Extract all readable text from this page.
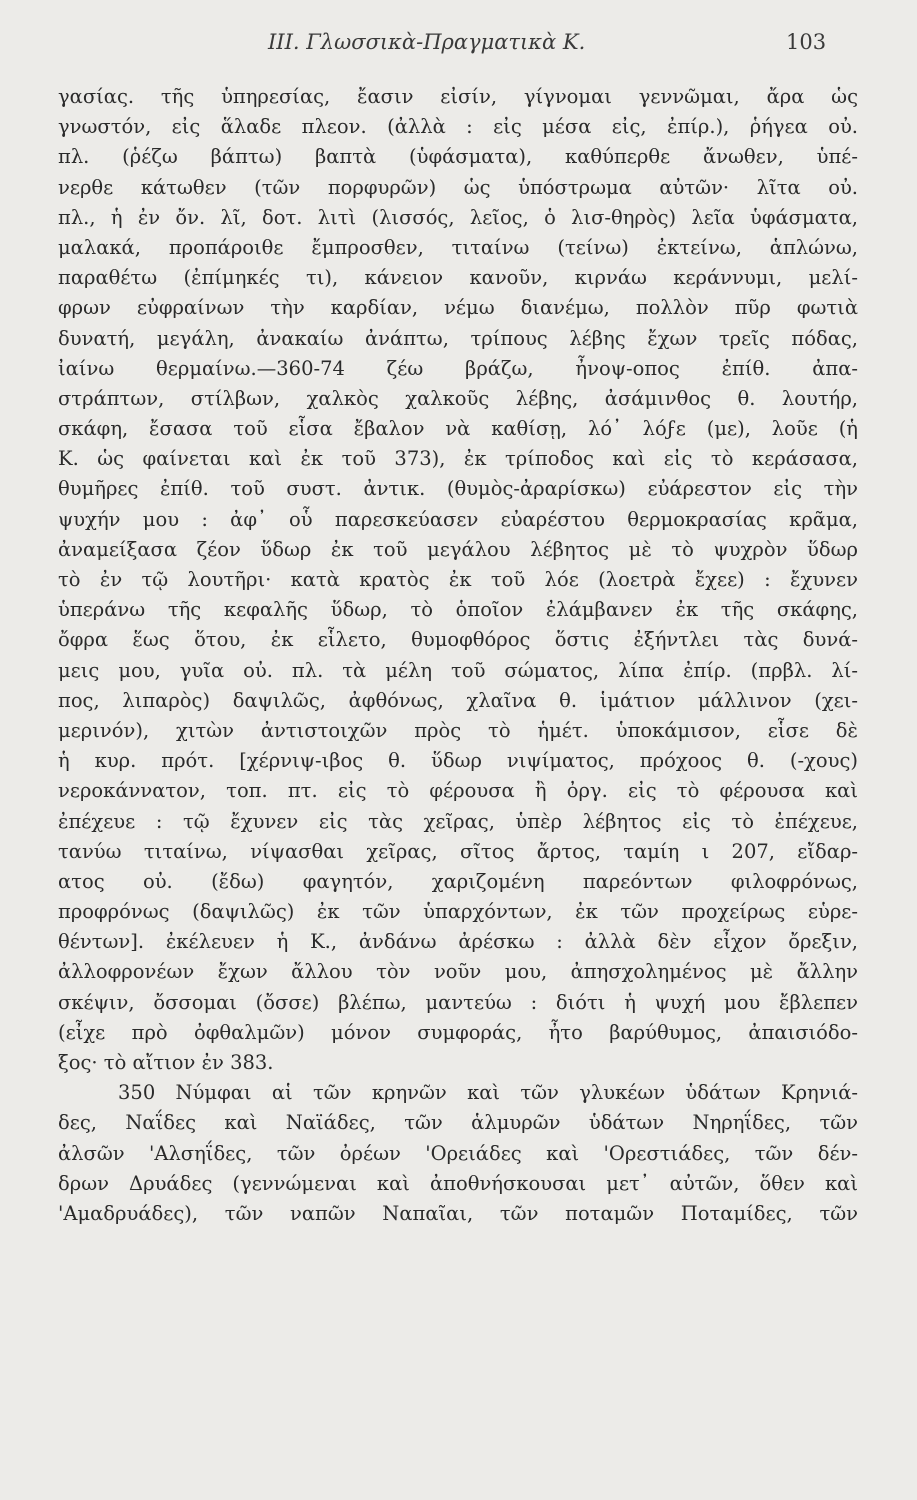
III. Γλωσσικὰ-Πραγματικὰ Κ.	103
γασίας. τῆς ὑπηρεσίας, ἔασιν εἰσίν, γίγνομαι γεννῶμαι, ἄρα ὡς
γνωστόν, εἰς ἅλαδε πλεον. (ἀλλὰ : εἰς μέσα εἰς, ἐπίρ.), ῥήγεα οὐ.
πλ. (ῥέζω βάπτω) βαπτὰ (ὑφάσματα), καθύπερθε ἄνωθεν, ὑπέ-
νερθε κάτωθεν (τῶν πορφυρῶν) ὡς ὑπόστρωμα αὐτῶν· λῖτα οὐ.
πλ., ἡ ἐν ὄν. λῖ, δοτ. λιτὶ (λισσός, λεῖος, ὁ λισ-θηρὸς) λεῖα ὑφάσματα,
μαλακά, προπάροιθε ἔμπροσθεν, τιταίνω (τείνω) ἐκτείνω, ἁπλώνω,
παραθέτω (ἐπίμηκές τι), κάνειον κανοῦν, κιρνάω κεράννυμι, μελί-
φρων εὐφραίνων τὴν καρδίαν, νέμω διανέμω, πολλὸν πῦρ φωτιὰ
δυνατή, μεγάλη, ἀνακαίω ἀνάπτω, τρίπους λέβης ἔχων τρεῖς πόδας,
ἰαίνω θερμαίνω.—360-74 ζέω βράζω, ἦνοψ-οπος ἐπίθ. ἀπα-
στράπτων, στίλβων, χαλκὸς χαλκοῦς λέβης, ἀσάμινθος θ. λουτήρ,
σκάφη, ἔσασα τοῦ εἷσα ἔβαλον νὰ καθίσῃ, λό᾽ λόϝε (με), λοῦε (ἡ
Κ. ὡς φαίνεται καὶ ἐκ τοῦ 373), ἐκ τρίποδος καὶ εἰς τὸ κεράσασα,
θυμῆρες ἐπίθ. τοῦ συστ. ἀντικ. (θυμὸς-ἀραρίσκω) εὐάρεστον εἰς τὴν
ψυχήν μου : ἀφ᾽ οὗ παρεσκεύασεν εὐαρέστου θερμοκρασίας κρᾶμα,
ἀναμείξασα ζέον ὕδωρ ἐκ τοῦ μεγάλου λέβητος μὲ τὸ ψυχρὸν ὕδωρ
τὸ ἐν τῷ λουτῆρι· κατὰ κρατὸς ἐκ τοῦ λόε (λοετρὰ ἔχεε) : ἔχυνεν
ὑπεράνω τῆς κεφαλῆς ὕδωρ, τὸ ὁποῖον ἐλάμβανεν ἐκ τῆς σκάφης,
ὄφρα ἕως ὅτου, ἐκ εἷλετο, θυμοφθόρος ὅστις ἐξήντλει τὰς δυνά-
μεις μου, γυῖα οὐ. πλ. τὰ μέλη τοῦ σώματος, λίπα ἐπίρ. (πρβλ. λί-
πος, λιπαρὸς) δαψιλῶς, ἀφθόνως, χλαῖνα θ. ἱμάτιον μάλλινον (χει-
μερινόν), χιτὼν ἀντιστοιχῶν πρὸς τὸ ἡμέτ. ὑποκάμισον, εἷσε δὲ
ἡ κυρ. πρότ. [χέρνιψ-ιβος θ. ὕδωρ νιψίματος, πρόχοος θ. (-χους)
νεροκάννατον, τοπ. πτ. εἰς τὸ φέρουσα ἢ ὀργ. εἰς τὸ φέρουσα καὶ
ἐπέχευε : τῷ ἔχυνεν εἰς τὰς χεῖρας, ὑπὲρ λέβητος εἰς τὸ ἐπέχευε,
τανύω τιταίνω, νίψασθαι χεῖρας, σῖτος ἄρτος, ταμίη ι 207, εἴδαρ-
ατος οὐ. (ἔδω) φαγητόν, χαριζομένη παρεόντων φιλοφρόνως,
προφρόνως (δαψιλῶς) ἐκ τῶν ὑπαρχόντων, ἐκ τῶν προχείρως εὑρε-
θέντων]. ἐκέλευεν ἡ Κ., ἀνδάνω ἀρέσκω : ἀλλὰ δὲν εἶχον ὄρεξιν,
ἀλλοφρονέων ἔχων ἄλλου τὸν νοῦν μου, ἀπησχολημένος μὲ ἄλλην
σκέψιν, ὄσσομαι (ὄσσε) βλέπω, μαντεύω : διότι ἡ ψυχή μου ἔβλεπεν
(εἶχε πρὸ ὀφθαλμῶν) μόνον συμφοράς, ἦτο βαρύθυμος, ἀπαισιόδο-
ξος· τὸ αἴτιον ἐν 383.
350 Νύμφαι αἱ τῶν κρηνῶν καὶ τῶν γλυκέων ὑδάτων Κρηνιά-
δες, Ναΐδες καὶ Ναϊάδες, τῶν ἁλμυρῶν ὑδάτων Νηρηΐδες, τῶν
ἀλσῶν 'Αλσηΐδες, τῶν ὀρέων 'Ορειάδες καὶ 'Ορεστιάδες, τῶν δέν-
δρων Δρυάδες (γεννώμεναι καὶ ἀποθνήσκουσαι μετ᾽ αὐτῶν, ὅθεν καὶ
'Αμαδρυάδες), τῶν ναπῶν Ναπαῖαι, τῶν ποταμῶν Ποταμίδες, τῶν
